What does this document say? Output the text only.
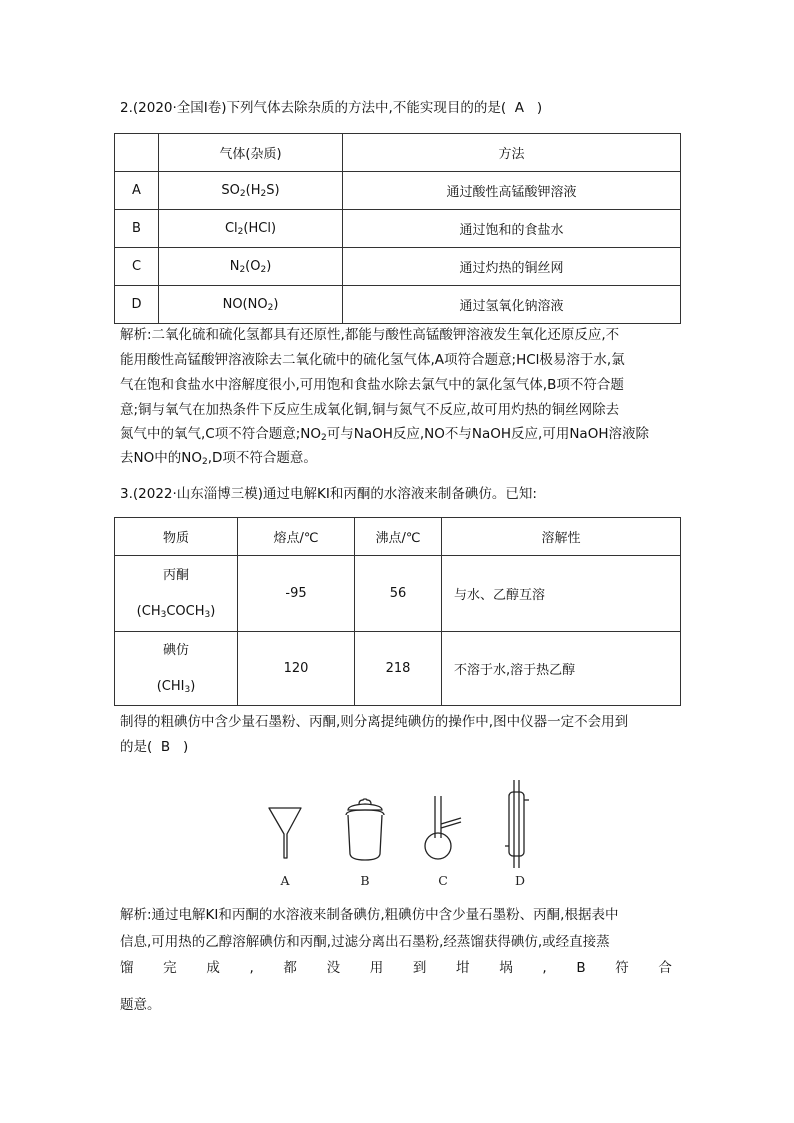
2.(2020·全国Ⅰ卷)下列气体去除杂质的方法中,不能实现目的的是( A )
	气体(杂质)	方法
A	$SO_2(H_2S)$	通过酸性高锰酸钾溶液
B	$Cl_2(HCl)$	通过饱和的食盐水
C	$N_2(O_2)$	通过灼热的铜丝网
D	$NO(NO_2)$	通过氢氧化钠溶液
解析:二氧化硫和硫化氢都具有还原性,都能与酸性高锰酸钾溶液发生氧化还原反应,不
能用酸性高锰酸钾溶液除去二氧化硫中的硫化氢气体,A项符合题意;HCl极易溶于水,氯
气在饱和食盐水中溶解度很小,可用饱和食盐水除去氯气中的氯化氢气体,B项不符合题
意;铜与氧气在加热条件下反应生成氧化铜,铜与氮气不反应,故可用灼热的铜丝网除去
氮气中的氧气,C项不符合题意$;NO_2$可与NaOH反应,NO不与NaOH反应,可用NaOH溶液除
去NO中的$NO_2,D$项不符合题意。
3.(2022·山东淄博三模)通过电解KI和丙酮的水溶液来制备碘仿。已知:
物质	熔点/℃	沸点/℃	溶解性

丙酮
$(CH_3COCH_3)$	-95	56	与水、乙醇互溶

碘仿
$(CHI_3)$	120	218	不溶于水,溶于热乙醇
制得的粗碘仿中含少量石墨粉、丙酮,则分离提纯碘仿的操作中,图中仪器一定不会用到
的是( B )
A	B	C	D
解析:通过电解KI和丙酮的水溶液来制备碘仿,粗碘仿中含少量石墨粉、丙酮,根据表中
信息,可用热的乙醇溶解碘仿和丙酮,过滤分离出石墨粉,经蒸馏获得碘仿,或经直接蒸
馏 完 成 , 都 没 用 到 坩 埚 , B 符 合
题意。
